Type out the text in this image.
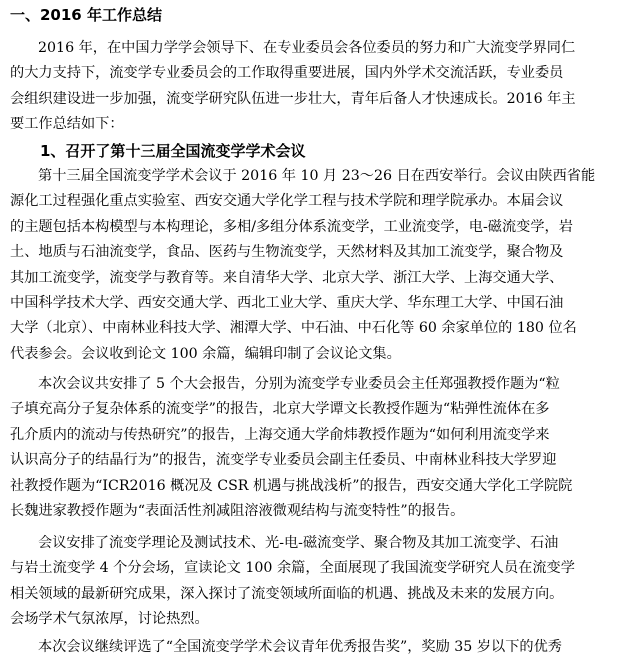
一、2016 年工作总结
2016 年，在中国力学学会领导下、在专业委员会各位委员的努力和广大流变学界同仁
的大力支持下，流变学专业委员会的工作取得重要进展，国内外学术交流活跃，专业委员
会组织建设进一步加强，流变学研究队伍进一步壮大，青年后备人才快速成长。2016 年主
要工作总结如下：
1、召开了第十三届全国流变学学术会议
第十三届全国流变学学术会议于 2016 年 10 月 23～26 日在西安举行。会议由陕西省能
源化工过程强化重点实验室、西安交通大学化学工程与技术学院和理学院承办。本届会议
的主题包括本构模型与本构理论，多相/多组分体系流变学，工业流变学，电-磁流变学，岩
土、地质与石油流变学，食品、医药与生物流变学，天然材料及其加工流变学，聚合物及
其加工流变学，流变学与教育等。来自清华大学、北京大学、浙江大学、上海交通大学、
中国科学技术大学、西安交通大学、西北工业大学、重庆大学、华东理工大学、中国石油
大学（北京）、中南林业科技大学、湘潭大学、中石油、中石化等 60 余家单位的 180 位名
代表参会。会议收到论文 100 余篇，编辑印制了会议论文集。
本次会议共安排了 5 个大会报告，分别为流变学专业委员会主任郑强教授作题为“粒
子填充高分子复杂体系的流变学”的报告，北京大学谭文长教授作题为“粘弹性流体在多
孔介质内的流动与传热研究”的报告，上海交通大学俞炜教授作题为“如何利用流变学来
认识高分子的结晶行为”的报告，流变学专业委员会副主任委员、中南林业科技大学罗迎
社教授作题为“ICR2016 概况及 CSR 机遇与挑战浅析”的报告，西安交通大学化工学院院
长魏进家教授作题为“表面活性剂减阻溶液微观结构与流变特性”的报告。
会议安排了流变学理论及测试技术、光-电-磁流变学、聚合物及其加工流变学、石油
与岩土流变学 4 个分会场，宣读论文 100 余篇，全面展现了我国流变学研究人员在流变学
相关领域的最新研究成果，深入探讨了流变领域所面临的机遇、挑战及未来的发展方向。
会场学术气氛浓厚，讨论热烈。
本次会议继续评选了“全国流变学学术会议青年优秀报告奖”，奖励 35 岁以下的优秀
